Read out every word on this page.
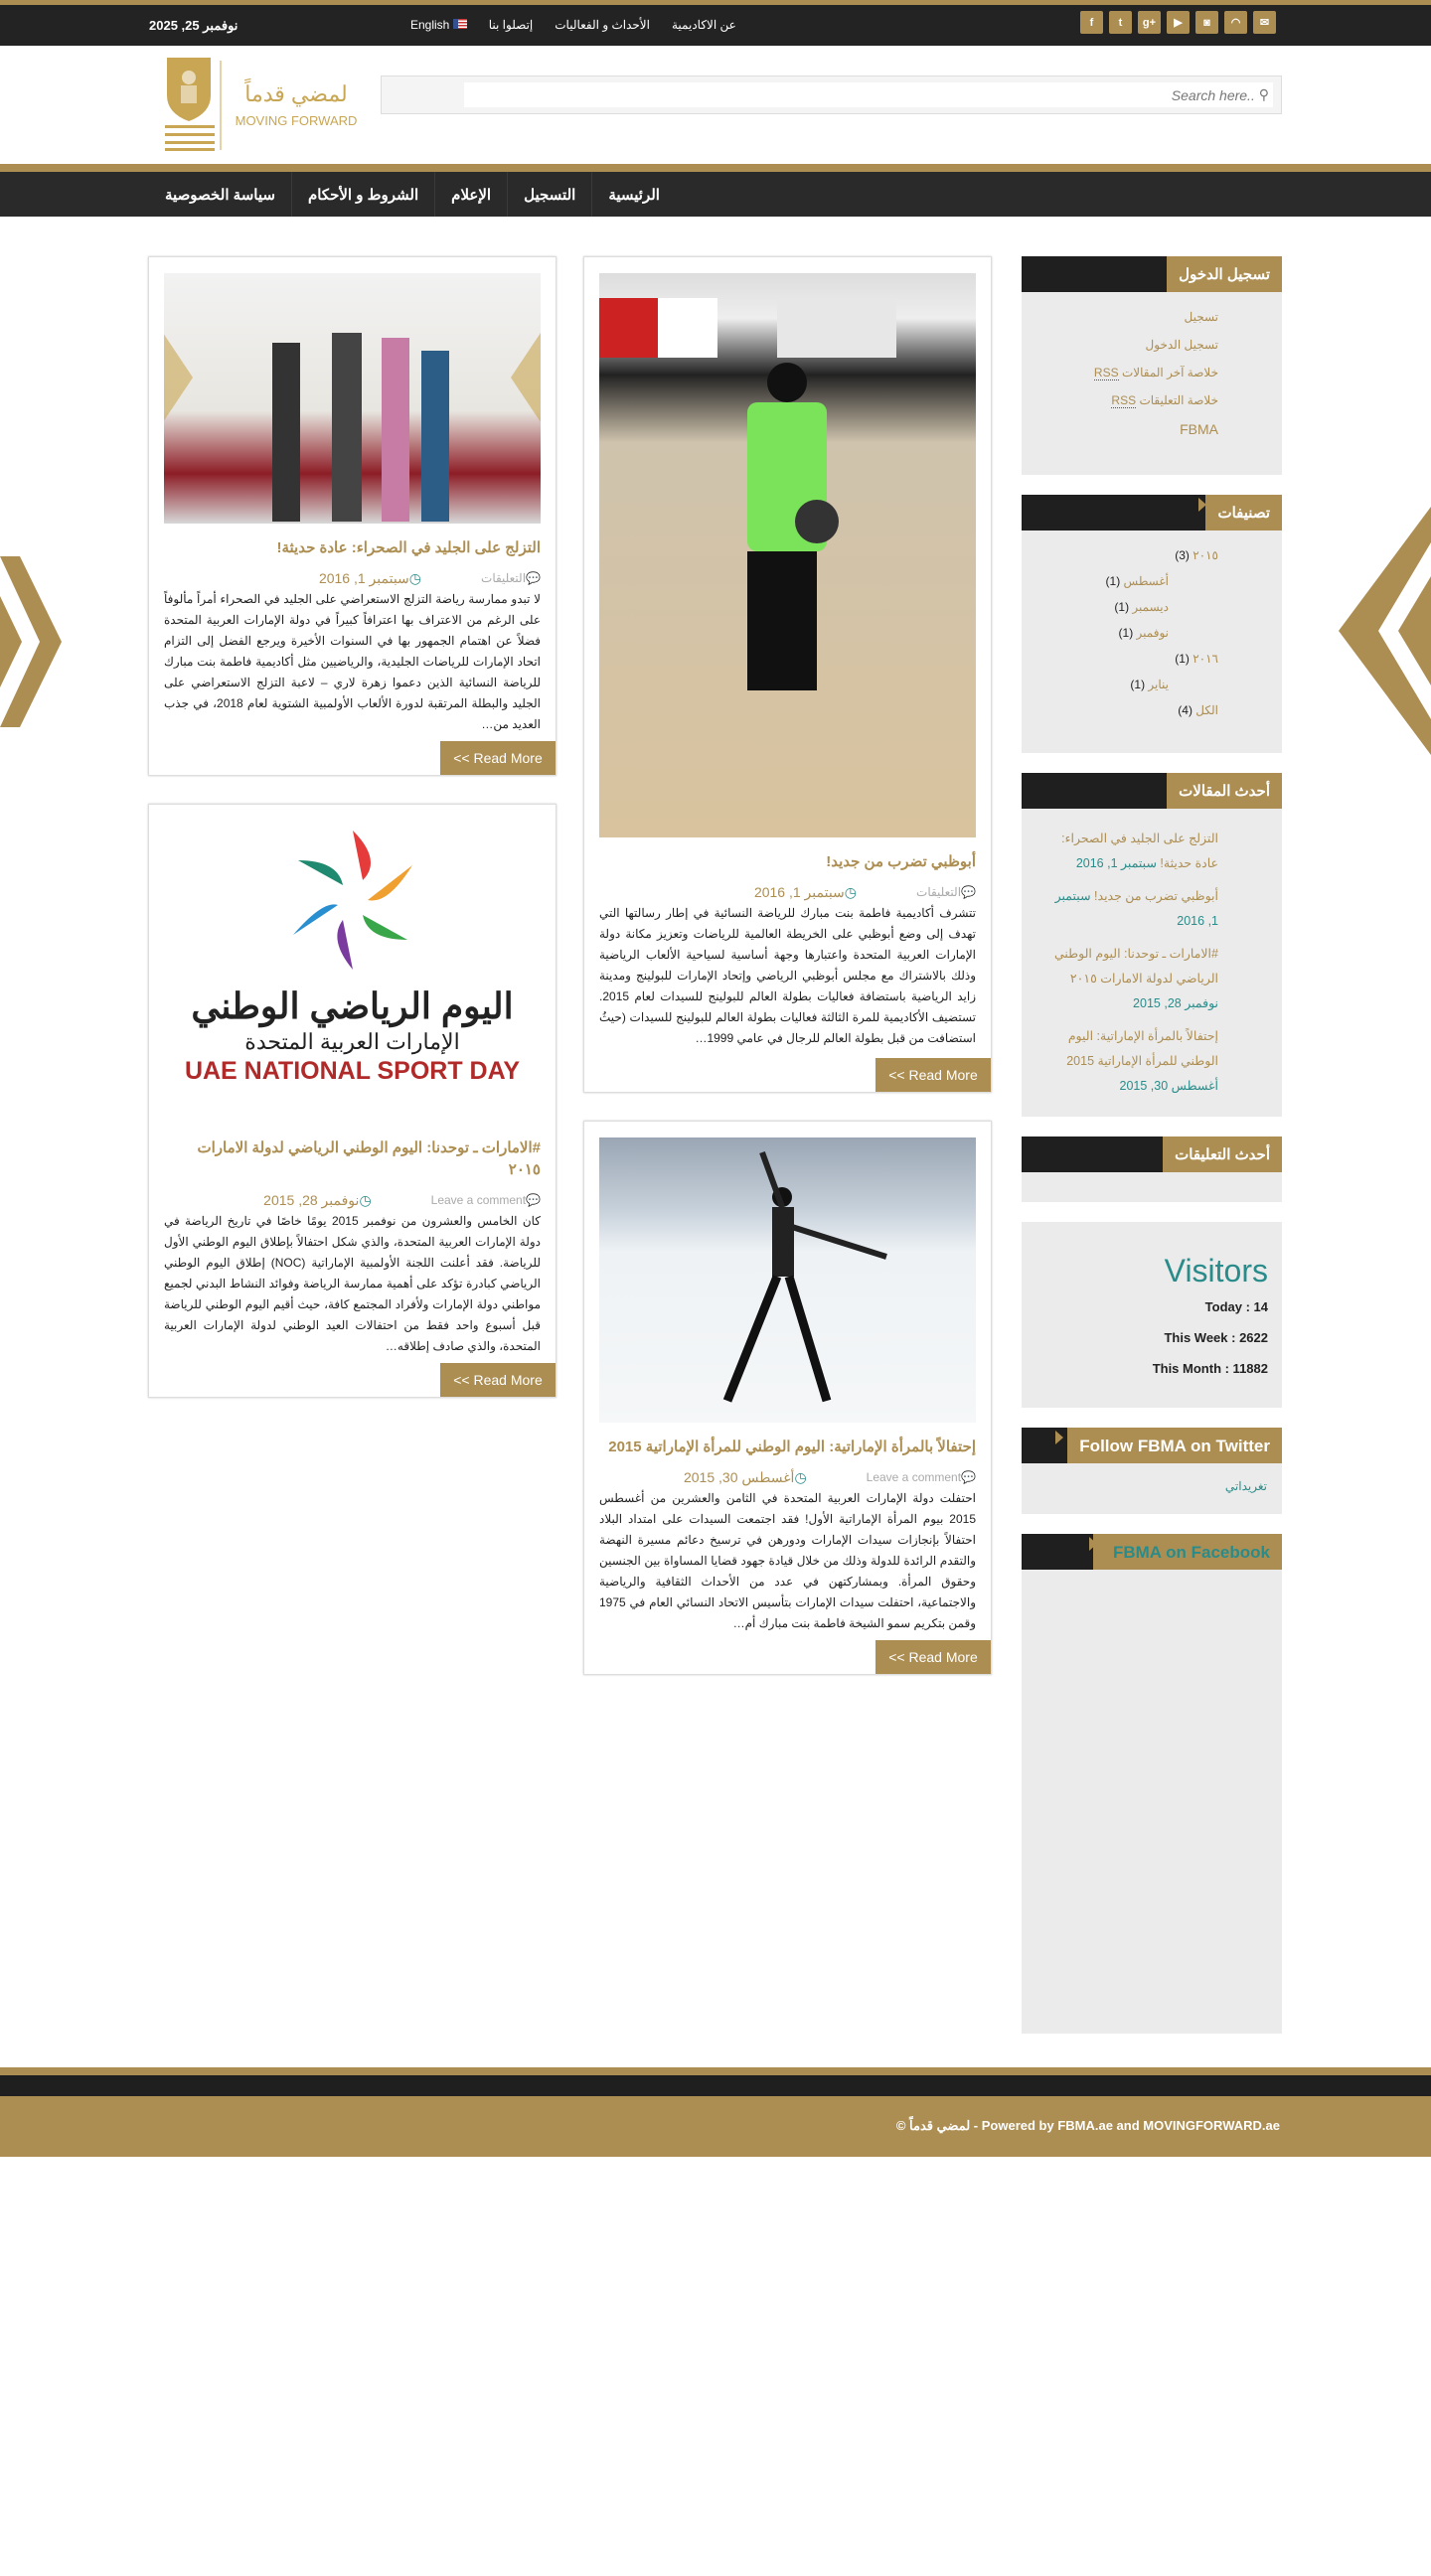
نوفمبر 25, 2025	English	إتصلوا بنا الأحداث و الفعاليات عن الاكاديمية	f	t	g+	▶	◙	◠	✉
لمضي قدماً
MOVING FORWARD
Search here..
⚲
الرئيسية
التسجيل
الإعلام
الشروط و الأحكام
سياسة الخصوصية
التزلج على الجليد في الصحراء: عادة حديثة!
💬التعليقات
◷سبتمبر 1, 2016
لا تبدو ممارسة رياضة التزلج الاستعراضي على الجليد في الصحراء أمراً مألوفاً على الرغم من الاعتراف بها اعترافاً كبيراً في دولة الإمارات العربية المتحدة فضلاً عن اهتمام الجمهور بها في السنوات الأخيرة ويرجع الفضل إلى التزام اتحاد الإمارات للرياضات الجليدية، والرياضيين مثل أكاديمية فاطمة بنت مبارك للرياضة النسائية الذين دعموا زهرة لاري – لاعبة التزلج الاستعراضي على الجليد والبطلة المرتقبة لدورة الألعاب الأولمبية الشتوية لعام 2018، في جذب العديد من…
<< Read More
اليوم الرياضي الوطني
الإمارات العربية المتحدة
UAE NATIONAL SPORT DAY
#الامارات ـ توحدنا: اليوم الوطني الرياضي لدولة الامارات ٢٠١٥
💬Leave a comment
◷نوفمبر 28, 2015
كان الخامس والعشرون من نوفمبر 2015 يومًا خاصًا في تاريخ الرياضة في دولة الإمارات العربية المتحدة، والذي شكل احتفالاً بإطلاق اليوم الوطني الأول للرياضة. فقد أعلنت اللجنة الأولمبية الإماراتية (NOC) إطلاق اليوم الوطني الرياضي كبادرة تؤكد على أهمية ممارسة الرياضة وفوائد النشاط البدني لجميع مواطني دولة الإمارات ولأفراد المجتمع كافة، حيث أقيم اليوم الوطني للرياضة قبل أسبوع واحد فقط من احتفالات العيد الوطني لدولة الإمارات العربية المتحدة، والذي صادف إطلاقه…
<< Read More
أبوظبي تضرب من جديد!
💬التعليقات
◷سبتمبر 1, 2016
تتشرف أكاديمية فاطمة بنت مبارك للرياضة النسائية في إطار رسالتها التي تهدف إلى وضع أبوظبي على الخريطة العالمية للرياضات وتعزيز مكانة دولة الإمارات العربية المتحدة واعتبارها وجهة أساسية لسياحية الألعاب الرياضية وذلك بالاشتراك مع مجلس أبوظبي الرياضي وإتحاد الإمارات للبولينج ومدينة زايد الرياضية باستضافة فعاليات بطولة العالم للبولينج للسيدات لعام 2015. تستضيف الأكاديمية للمرة الثالثة فعاليات بطولة العالم للبولينج للسيدات (حيثُ استضافت من قبل بطولة العالم للرجال في عامي 1999…
<< Read More
إحتفالاً بالمرأة الإماراتية: اليوم الوطني للمرأة الإماراتية 2015
💬Leave a comment
◷أغسطس 30, 2015
احتفلت دولة الإمارات العربية المتحدة في الثامن والعشرين من أغسطس 2015 بيوم المرأة الإماراتية الأول! فقد اجتمعت السيدات على امتداد البلاد احتفالاً بإنجازات سيدات الإمارات ودورهن في ترسيخ دعائم مسيرة النهضة والتقدم الرائدة للدولة وذلك من خلال قيادة جهود قضايا المساواة بين الجنسين وحقوق المرأة. وبمشاركتهن في عدد من الأحداث الثقافية والرياضية والاجتماعية، احتفلت سيدات الإمارات بتأسيس الاتحاد النسائي العام في 1975 وقمن بتكريم سمو الشيخة فاطمة بنت مبارك أم…
<< Read More
تسجيل الدخول
تسجيل
تسجيل الدخول
خلاصة آخر المقالات RSS
خلاصة التعليقات RSS
FBMA
تصنيفات
٢٠١٥ (3)
أغسطس (1)
ديسمبر (1)
نوفمبر (1)
٢٠١٦ (1)
يناير (1)
الكل (4)
أحدث المقالات
التزلج على الجليد في الصحراء: عادة حديثة! سبتمبر 1, 2016
أبوظبي تضرب من جديد! سبتمبر 1, 2016
#الامارات ـ توحدنا: اليوم الوطني الرياضي لدولة الامارات ٢٠١٥ نوفمبر 28, 2015
إحتفالاً بالمرأة الإماراتية: اليوم الوطني للمرأة الإماراتية 2015 أغسطس 30, 2015
أحدث التعليقات
Visitors
Today : 14
This Week : 2622
This Month : 11882
Follow FBMA on Twitter
تغريداتي
FBMA on Facebook
© لمضي قدماً - Powered by FBMA.ae and MOVINGFORWARD.ae
